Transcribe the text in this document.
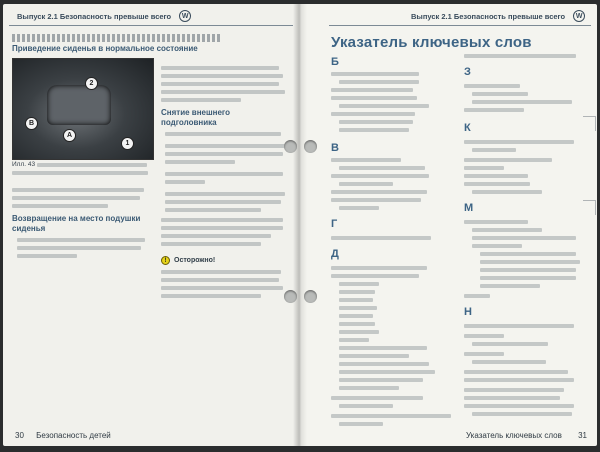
Выпуск 2.1 Безопасность превыше всего	W
Приведение сиденья в нормальное состояние
2
B
A
1
Илл. 43
Возвращение на место подушки сиденья
Снятие внешнего подголовника
!	Осторожно!
30 Безопасность детей
Выпуск 2.1 Безопасность превыше всего	W
Указатель ключевых слов
Б
В
Г
Д
З
К
М
Н
Указатель ключевых слов 31
